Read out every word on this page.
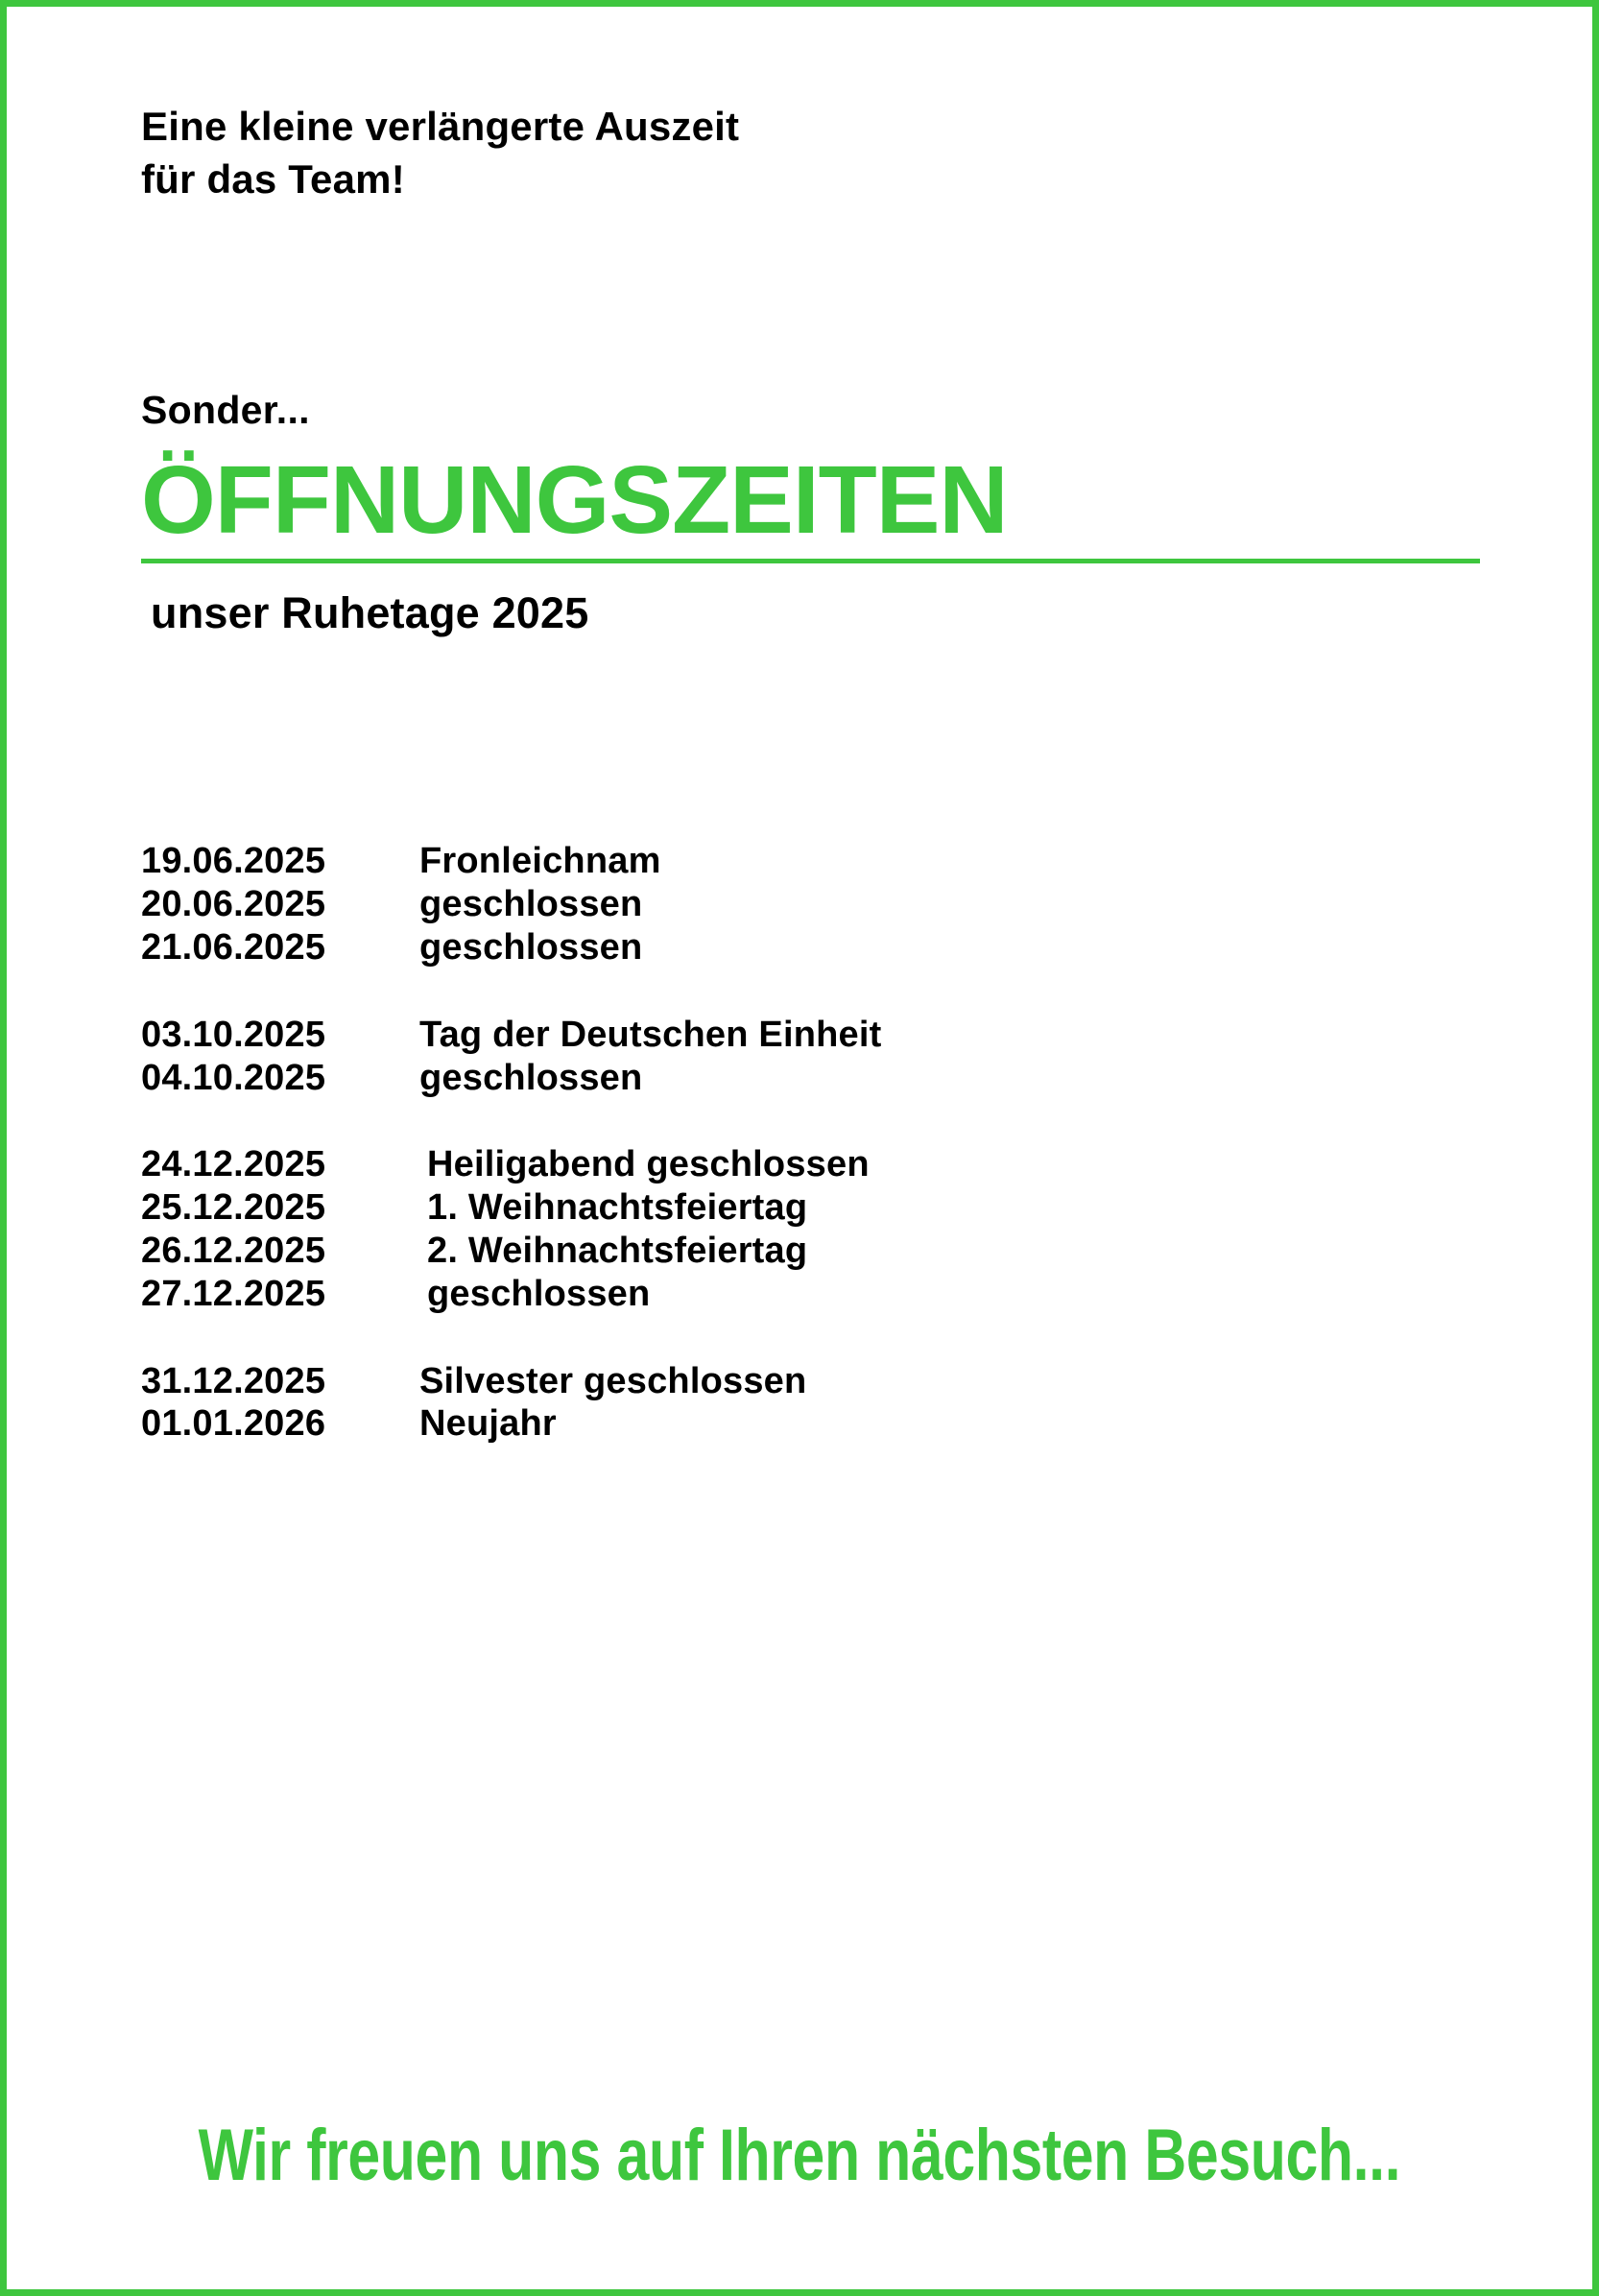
Eine kleine verlängerte Auszeit
für das Team!
Sonder...
ÖFFNUNGSZEITEN
unser Ruhetage 2025
19.06.2025	Fronleichnam
20.06.2025	geschlossen
21.06.2025	geschlossen
03.10.2025	Tag der Deutschen Einheit
04.10.2025	geschlossen
24.12.2025	Heiligabend geschlossen
25.12.2025	1. Weihnachtsfeiertag
26.12.2025	2. Weihnachtsfeiertag
27.12.2025	geschlossen
31.12.2025	Silvester geschlossen
01.01.2026	Neujahr
Wir freuen uns auf Ihren nächsten Besuch...
